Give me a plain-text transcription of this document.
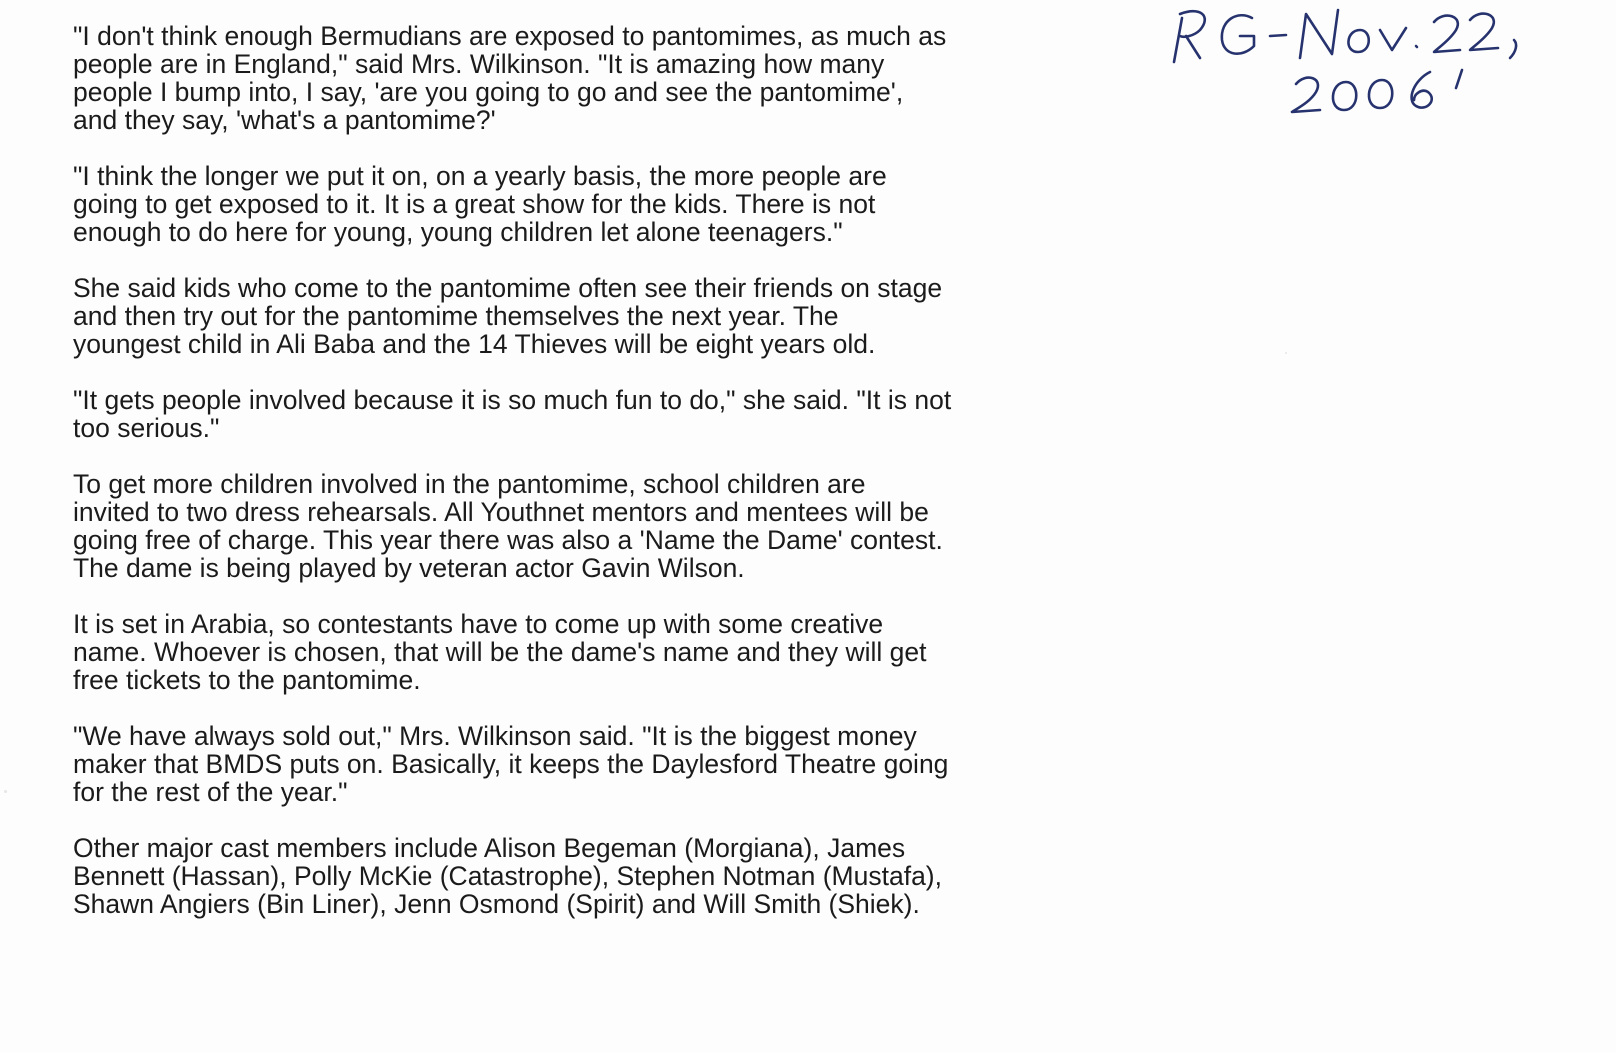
"I don't think enough Bermudians are exposed to pantomimes, as much as
people are in England," said Mrs. Wilkinson. "It is amazing how many
people I bump into, I say, 'are you going to go and see the pantomime',
and they say, 'what's a pantomime?'

"I think the longer we put it on, on a yearly basis, the more people are
going to get exposed to it. It is a great show for the kids. There is not
enough to do here for young, young children let alone teenagers."

She said kids who come to the pantomime often see their friends on stage
and then try out for the pantomime themselves the next year. The
youngest child in Ali Baba and the 14 Thieves will be eight years old.

"It gets people involved because it is so much fun to do," she said. "It is not
too serious."

To get more children involved in the pantomime, school children are
invited to two dress rehearsals. All Youthnet mentors and mentees will be
going free of charge. This year there was also a 'Name the Dame' contest.
The dame is being played by veteran actor Gavin Wilson.

It is set in Arabia, so contestants have to come up with some creative
name. Whoever is chosen, that will be the dame's name and they will get
free tickets to the pantomime.

"We have always sold out," Mrs. Wilkinson said. "It is the biggest money
maker that BMDS puts on. Basically, it keeps the Daylesford Theatre going
for the rest of the year."

Other major cast members include Alison Begeman (Morgiana), James
Bennett (Hassan), Polly McKie (Catastrophe), Stephen Notman (Mustafa),
Shawn Angiers (Bin Liner), Jenn Osmond (Spirit) and Will Smith (Shiek).
